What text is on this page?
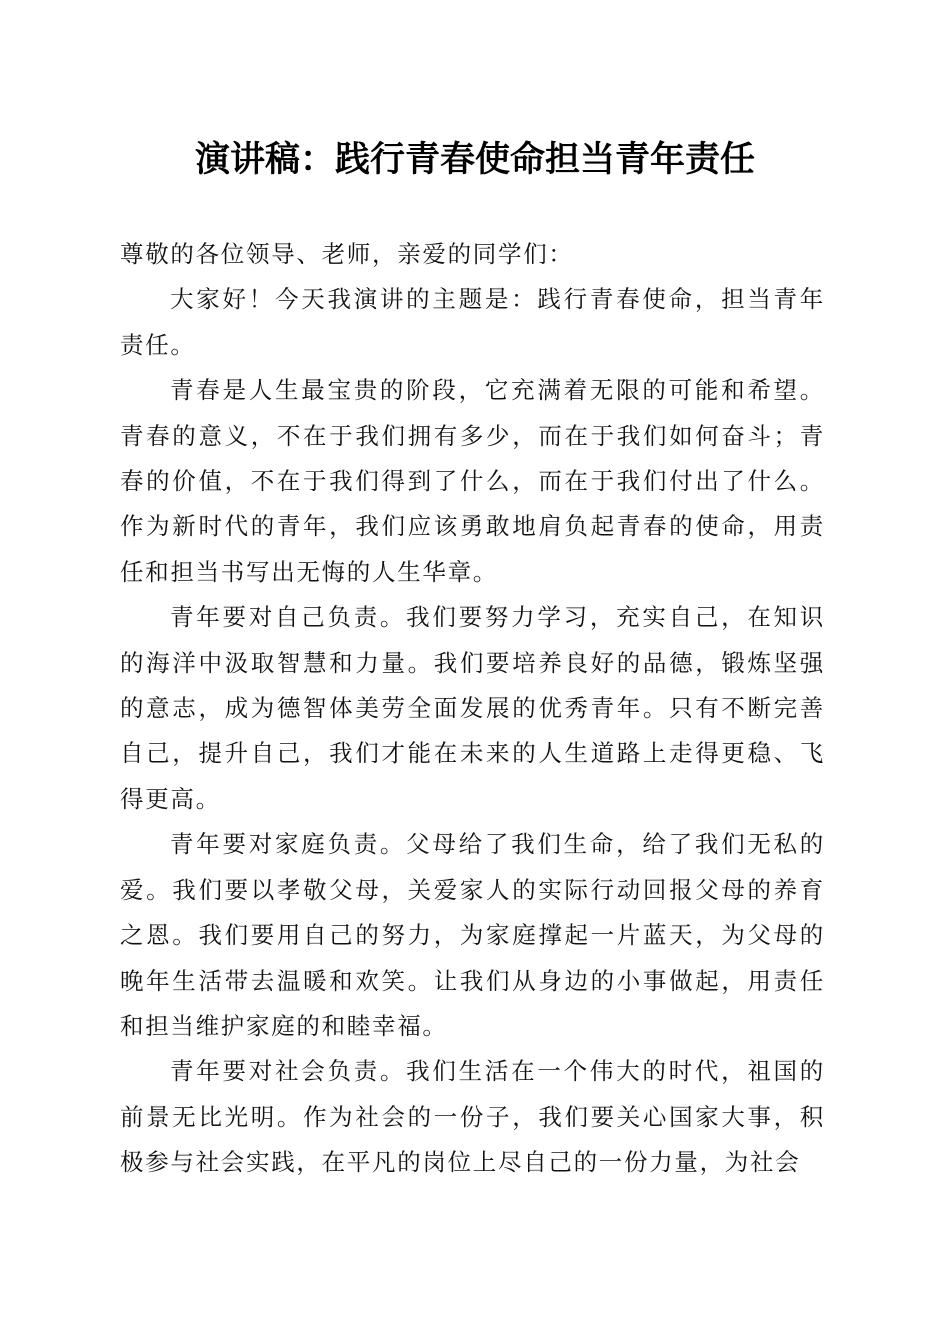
演讲稿：践行青春使命担当青年责任

尊敬的各位领导、老师，亲爱的同学们：

大家好！今天我演讲的主题是：践行青春使命，担当青年责任。

青春是人生最宝贵的阶段，它充满着无限的可能和希望。青春的意义，不在于我们拥有多少，而在于我们如何奋斗；青春的价值，不在于我们得到了什么，而在于我们付出了什么。作为新时代的青年，我们应该勇敢地肩负起青春的使命，用责任和担当书写出无悔的人生华章。

青年要对自己负责。我们要努力学习，充实自己，在知识的海洋中汲取智慧和力量。我们要培养良好的品德，锻炼坚强的意志，成为德智体美劳全面发展的优秀青年。只有不断完善自己，提升自己，我们才能在未来的人生道路上走得更稳、飞得更高。

青年要对家庭负责。父母给了我们生命，给了我们无私的爱。我们要以孝敬父母，关爱家人的实际行动回报父母的养育之恩。我们要用自己的努力，为家庭撑起一片蓝天，为父母的晚年生活带去温暖和欢笑。让我们从身边的小事做起，用责任和担当维护家庭的和睦幸福。

青年要对社会负责。我们生活在一个伟大的时代，祖国的前景无比光明。作为社会的一份子，我们要关心国家大事，积极参与社会实践，在平凡的岗位上尽自己的一份力量，为社会
